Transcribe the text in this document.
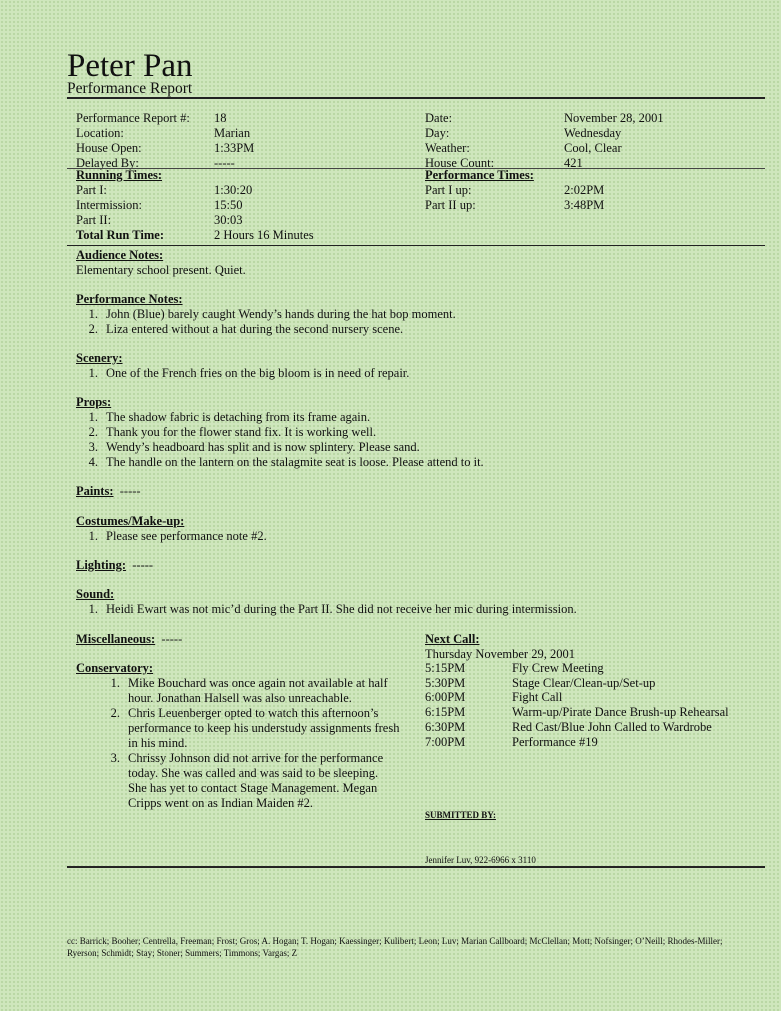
Peter Pan
Performance Report
Performance Report #: 18
Location:	Marian
House Open:	1:33PM
Delayed By:	-----
Date:	November 28, 2001
Day:	Wednesday
Weather:	Cool, Clear
House Count:	421
Running Times:
Part I:	1:30:20
Intermission:	15:50
Part II:	30:03
Total Run Time:	2 Hours 16 Minutes
Performance Times:
Part I up:	2:02PM
Part II up:	3:48PM
Audience Notes:
Elementary school present. Quiet.
Performance Notes:
1. John (Blue) barely caught Wendy’s hands during the hat bop moment.
2. Liza entered without a hat during the second nursery scene.
Scenery:
1. One of the French fries on the big bloom is in need of repair.
Props:
1. The shadow fabric is detaching from its frame again.
2. Thank you for the flower stand fix. It is working well.
3. Wendy’s headboard has split and is now splintery. Please sand.
4. The handle on the lantern on the stalagmite seat is loose. Please attend to it.
Paints: -----
Costumes/Make-up:
1. Please see performance note #2.
Lighting: -----
Sound:
1. Heidi Ewart was not mic’d during the Part II. She did not receive her mic during intermission.
Miscellaneous: -----
Conservatory:
1. Mike Bouchard was once again not available at half
hour. Jonathan Halsell was also unreachable.
2. Chris Leuenberger opted to watch this afternoon’s
performance to keep his understudy assignments fresh
in his mind.
3. Chrissy Johnson did not arrive for the performance
today. She was called and was said to be sleeping.
She has yet to contact Stage Management. Megan
Cripps went on as Indian Maiden #2.
Next Call:
Thursday November 29, 2001
5:15PM	Fly Crew Meeting
5:30PM	Stage Clear/Clean-up/Set-up
6:00PM	Fight Call
6:15PM	Warm-up/Pirate Dance Brush-up Rehearsal
6:30PM	Red Cast/Blue John Called to Wardrobe
7:00PM	Performance #19
SUBMITTED BY:
Jennifer Luv, 922-6966 x 3110
cc: Barrick; Booher; Centrella, Freeman; Frost; Gros; A. Hogan; T. Hogan; Kaessinger; Kulibert; Leon; Luv; Marian Callboard; McClellan; Mott; Nofsinger; O’Neill; Rhodes-Miller; Ryerson; Schmidt; Stay; Stoner; Summers; Timmons; Vargas; Z
